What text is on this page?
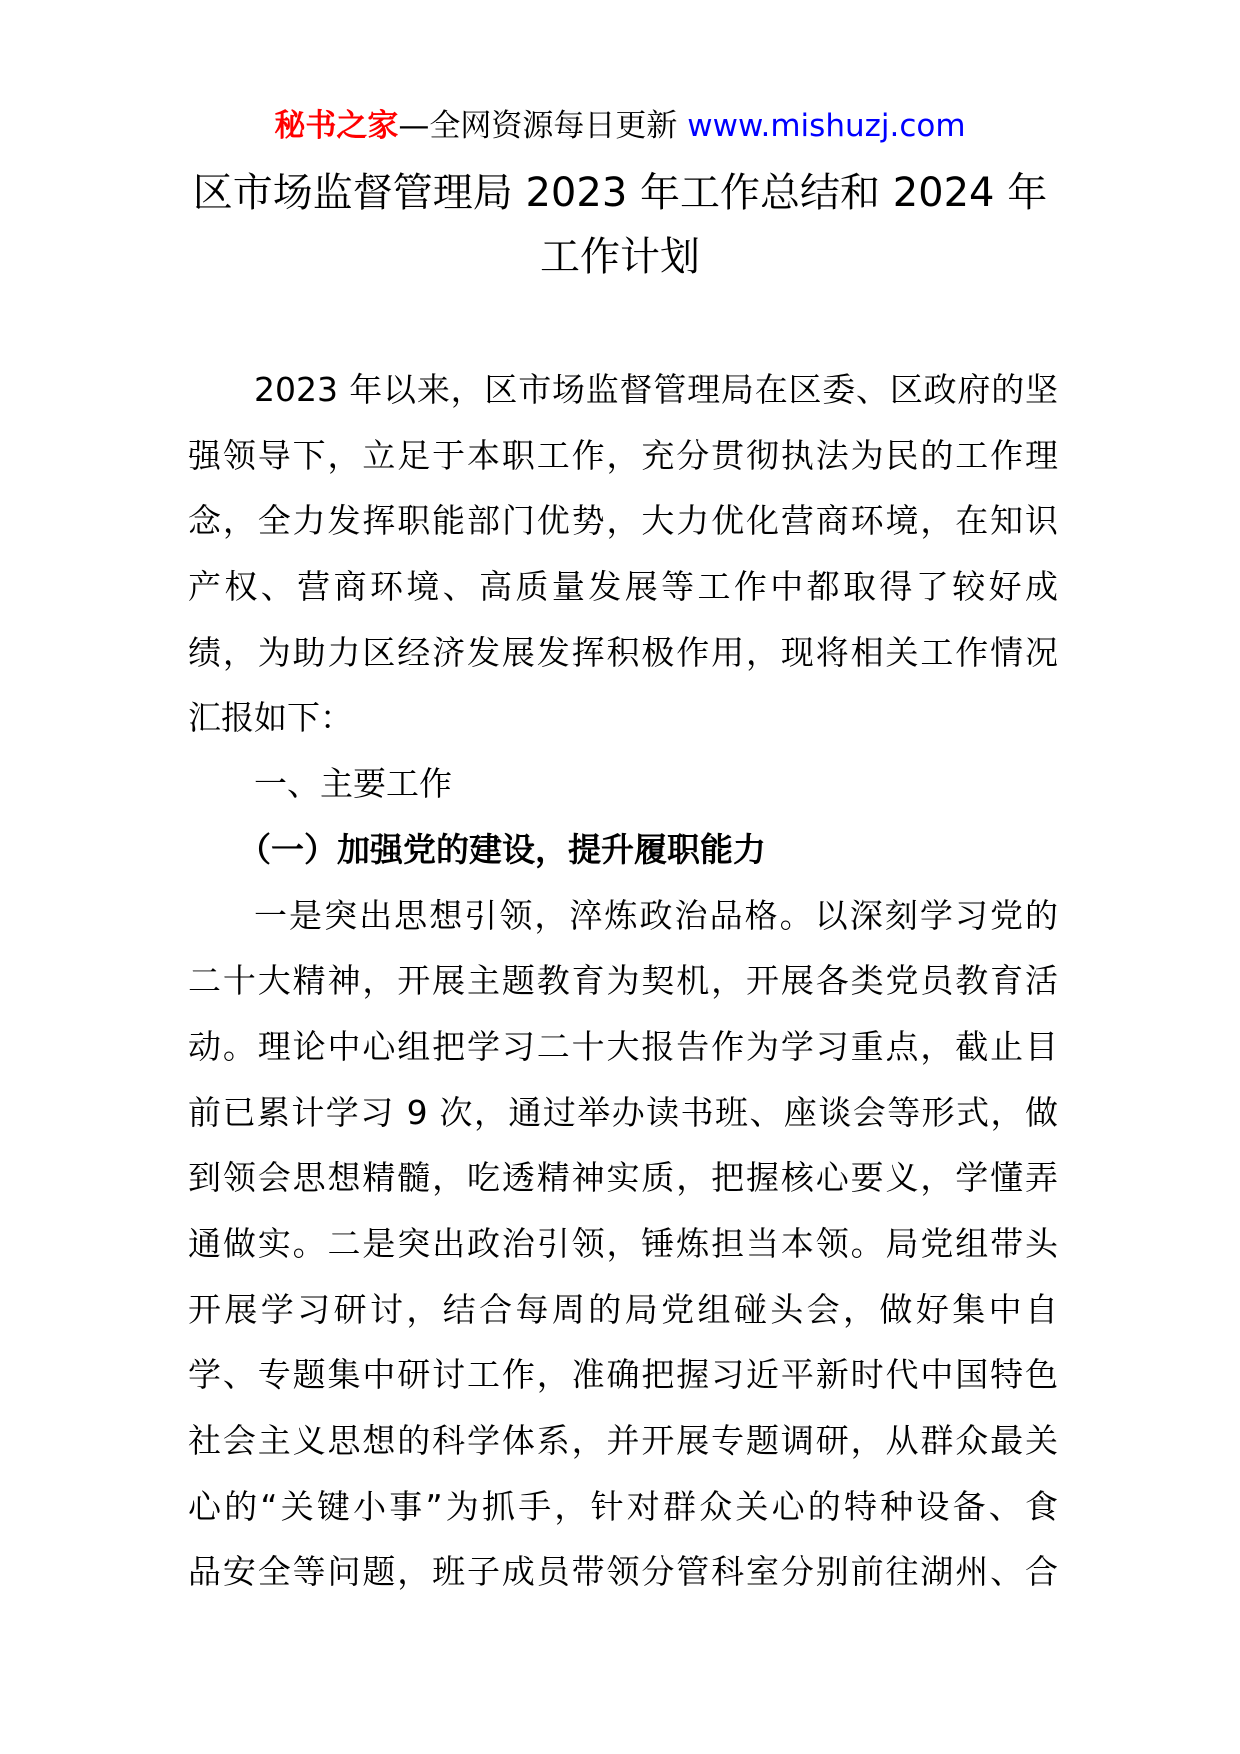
秘书之家—全网资源每日更新 www.mishuzj.com
区市场监督管理局 2023 年工作总结和 2024 年
工作计划
2023 年以来，区市场监督管理局在区委、区政府的坚
强领导下，立足于本职工作，充分贯彻执法为民的工作理
念，全力发挥职能部门优势，大力优化营商环境，在知识
产权、营商环境、高质量发展等工作中都取得了较好成
绩，为助力区经济发展发挥积极作用，现将相关工作情况
汇报如下：
一、主要工作
（一）加强党的建设，提升履职能力
一是突出思想引领，淬炼政治品格。以深刻学习党的
二十大精神，开展主题教育为契机，开展各类党员教育活
动。理论中心组把学习二十大报告作为学习重点，截止目
前已累计学习 9 次，通过举办读书班、座谈会等形式，做
到领会思想精髓，吃透精神实质，把握核心要义，学懂弄
通做实。二是突出政治引领，锤炼担当本领。局党组带头
开展学习研讨，结合每周的局党组碰头会，做好集中自
学、专题集中研讨工作，准确把握习近平新时代中国特色
社会主义思想的科学体系，并开展专题调研，从群众最关
心的“关键小事”为抓手，针对群众关心的特种设备、食
品安全等问题，班子成员带领分管科室分别前往湖州、合
